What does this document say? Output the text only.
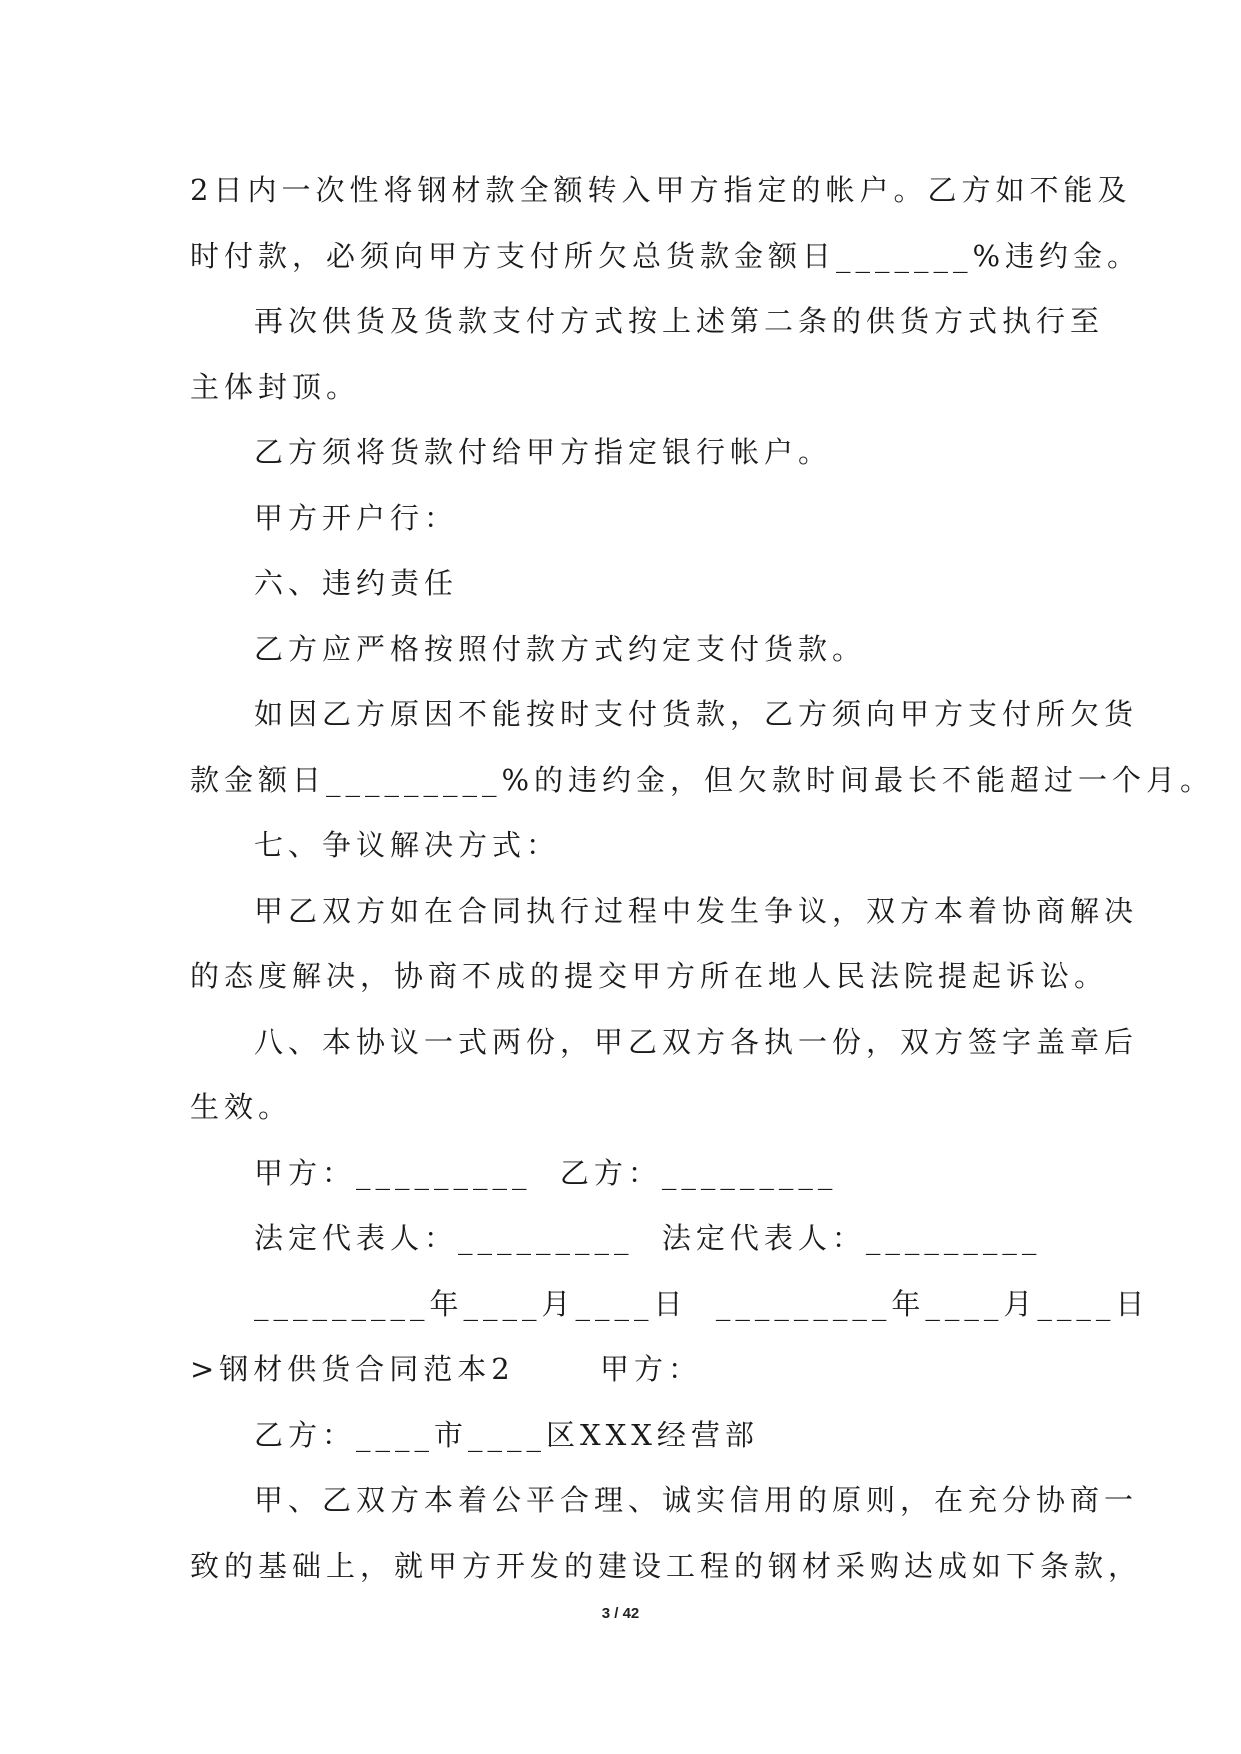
2日内一次性将钢材款全额转入甲方指定的帐户。乙方如不能及
时付款，必须向甲方支付所欠总货款金额日_______%违约金。
再次供货及货款支付方式按上述第二条的供货方式执行至
主体封顶。
乙方须将货款付给甲方指定银行帐户。
甲方开户行：
六、违约责任
乙方应严格按照付款方式约定支付货款。
如因乙方原因不能按时支付货款，乙方须向甲方支付所欠货
款金额日_________%的违约金，但欠款时间最长不能超过一个月。
七、争议解决方式：
甲乙双方如在合同执行过程中发生争议，双方本着协商解决
的态度解决，协商不成的提交甲方所在地人民法院提起诉讼。
八、本协议一式两份，甲乙双方各执一份，双方签字盖章后
生效。
甲方：_________  乙方：_________
法定代表人：_________  法定代表人：_________
_________年____月____日  _________年____月____日
>钢材供货合同范本2      甲方：
乙方：____市____区XXX经营部
甲、乙双方本着公平合理、诚实信用的原则，在充分协商一
致的基础上，就甲方开发的建设工程的钢材采购达成如下条款，
3 / 42
